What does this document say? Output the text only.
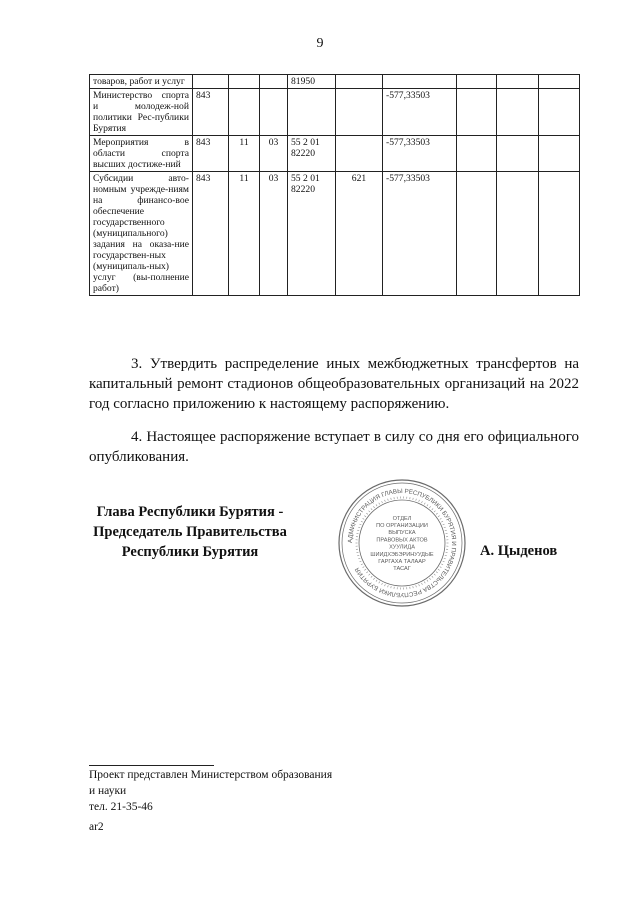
9
товаров, работ и услуг				81950					
Министерство спорта и молодеж-ной политики Рес-публики Бурятия	843					-577,33503			
Мероприятия в области спорта высших достиже-ний	843	11	03	55 2 01 82220		-577,33503			
Субсидии авто-номным учрежде-ниям на финансо-вое обеспечение государственного (муниципального) задания на оказа-ние государствен-ных (муниципаль-ных) услуг (вы-полнение работ)	843	11	03	55 2 01 82220	621	-577,33503			

3. Утвердить распределение иных межбюджетных трансфертов на капитальный ремонт стадионов общеобразовательных организаций на 2022 год согласно приложению к настоящему распоряжению.

4. Настоящее распоряжение вступает в силу со дня его официального опубликования.

Глава Республики Бурятия -
Председатель Правительства
Республики Бурятия
АДМИНИСТРАЦИЯ ГЛАВЫ РЕСПУБЛИКИ БУРЯТИЯ И ПРАВИТЕЛЬСТВА РЕСПУБЛИКИ БУРЯТИЯ
ОТДЕЛ
ПО ОРГАНИЗАЦИИ
ВЫПУСКА
ПРАВОВЫХ АКТОВ
ХУУЛИДА
ШИИДХЭБЭРИНУУДЫЕ
ГАРГАХА ТАЛААР
ТАСАГ
А. Цыденов
Проект представлен Министерством образования
и науки
тел. 21-35-46
ar2
